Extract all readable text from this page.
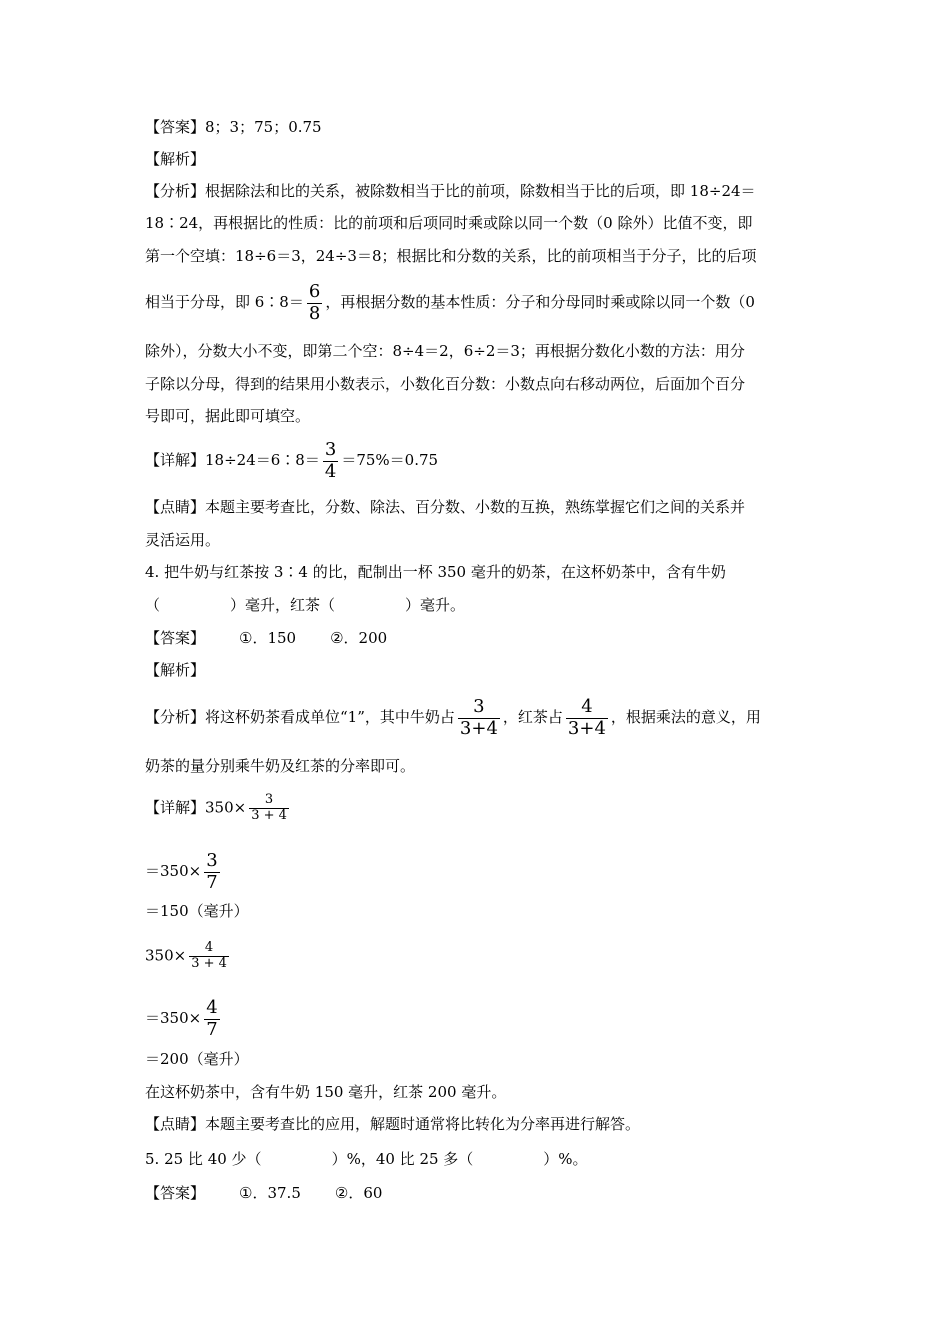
【答案】8；3；75；0.75
【解析】
【分析】根据除法和比的关系，被除数相当于比的前项，除数相当于比的后项，即 18÷24＝
18∶24，再根据比的性质：比的前项和后项同时乘或除以同一个数（0 除外）比值不变，即
第一个空填：18÷6＝3，24÷3＝8；根据比和分数的关系，比的前项相当于分子，比的后项
相当于分母，即 6∶8＝ $\frac{6}{8}$ ，再根据分数的基本性质：分子和分母同时乘或除以同一个数（0
除外），分数大小不变，即第二个空：8÷4＝2，6÷2＝3；再根据分数化小数的方法：用分
子除以分母，得到的结果用小数表示，小数化百分数：小数点向右移动两位，后面加个百分
号即可，据此即可填空。
【详解】18÷24＝6∶8＝ $\frac{3}{4} =75\%=0.75$
【点睛】本题主要考查比，分数、除法、百分数、小数的互换，熟练掌握它们之间的关系并
灵活运用。
4. 把牛奶与红茶按 3∶4 的比，配制出一杯 350 毫升的奶茶，在这杯奶茶中，含有牛奶
（	）毫升，红茶（	）毫升。
【答案】 ①．150 ②．200
【解析】
【分析】将这杯奶茶看成单位“1”，其中牛奶占 $\frac{3}{3+4}$ ，红茶占 $\frac{4}{3+4}$ ，根据乘法的意义，用
奶茶的量分别乘牛奶及红茶的分率即可。
【详解】$350\times \frac{3}{3 + 4}$
$=350\times \frac{3}{7}$
＝150（毫升）
$350\times \frac{4}{3 + 4}$
$=350\times \frac{4}{7}$
＝200（毫升）
在这杯奶茶中，含有牛奶 150 毫升，红茶 200 毫升。
【点睛】本题主要考查比的应用，解题时通常将比转化为分率再进行解答。
5. 25 比 40 少（	）%，40 比 25 多（	）%。
【答案】 ①．37.5 ②．60
